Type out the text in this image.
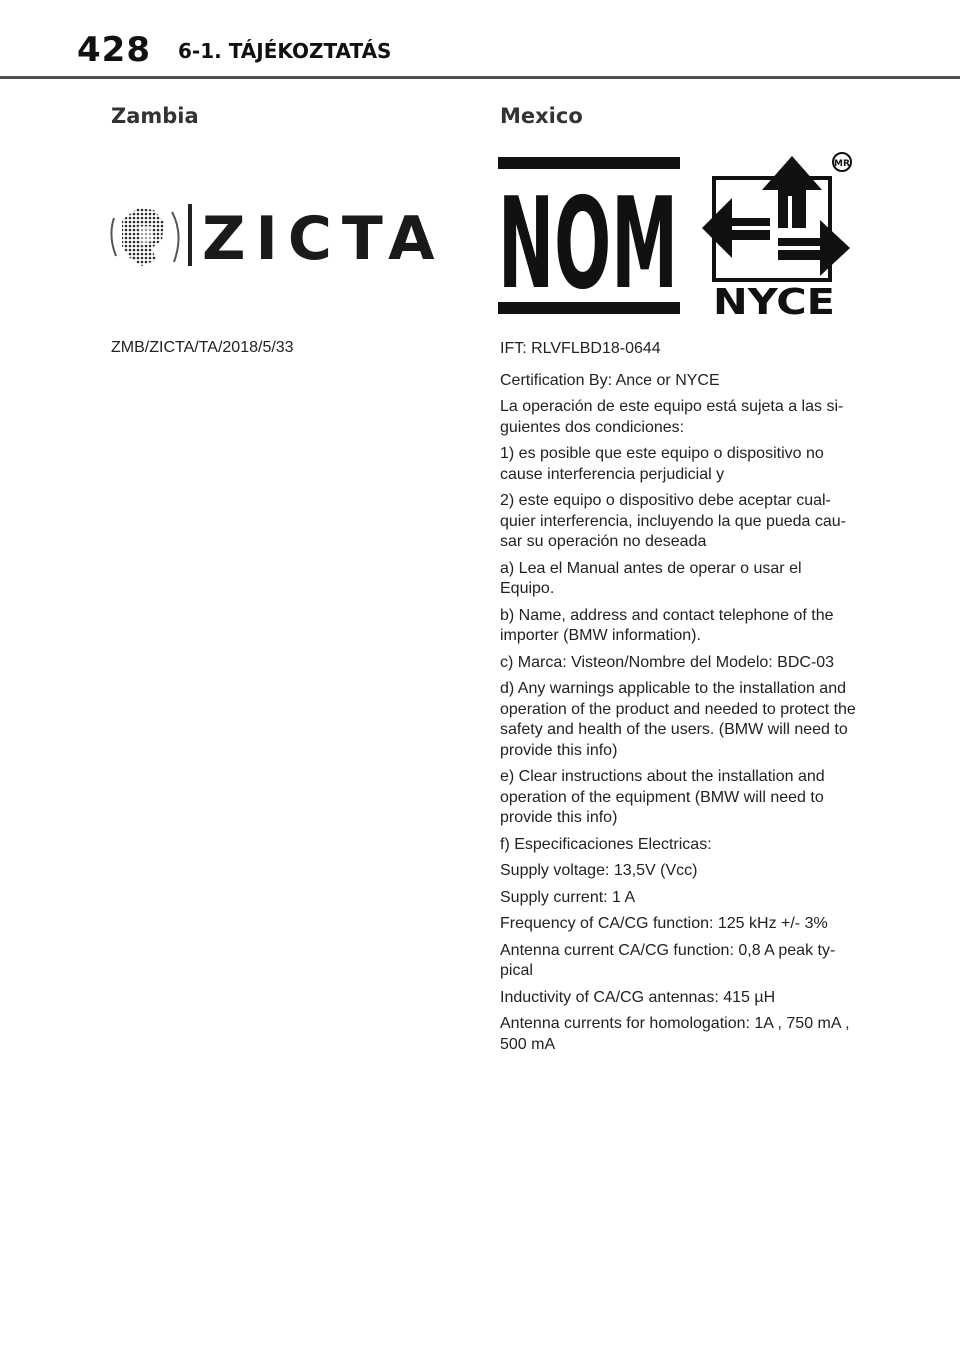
428 6-1. TÁJÉKOZTATÁS
Zambia
ZICTA
ZMB/ZICTA/TA/2018/5/33
Mexico
NOM
MR
NYCE

IFT: RLVFLBD18-0644

Certification By: Ance or NYCE

La operación de este equipo está sujeta a las si-guientes dos condiciones:

1) es posible que este equipo o dispositivo no cause interferencia perjudicial y

2) este equipo o dispositivo debe aceptar cual-quier interferencia, incluyendo la que pueda cau-sar su operación no deseada

a) Lea el Manual antes de operar o usar el Equipo.

b) Name, address and contact telephone of the importer (BMW information).

c) Marca: Visteon/Nombre del Modelo: BDC-03

d) Any warnings applicable to the installation and operation of the product and needed to protect the safety and health of the users. (BMW will need to provide this info)

e) Clear instructions about the installation and operation of the equipment (BMW will need to provide this info)

f) Especificaciones Electricas:

Supply voltage: 13,5V (Vcc)

Supply current: 1 A

Frequency of CA/CG function: 125 kHz +/- 3%

Antenna current CA/CG function: 0,8 A peak ty-pical

Inductivity of CA/CG antennas: 415 µH

Antenna currents for homologation: 1A , 750 mA , 500 mA
